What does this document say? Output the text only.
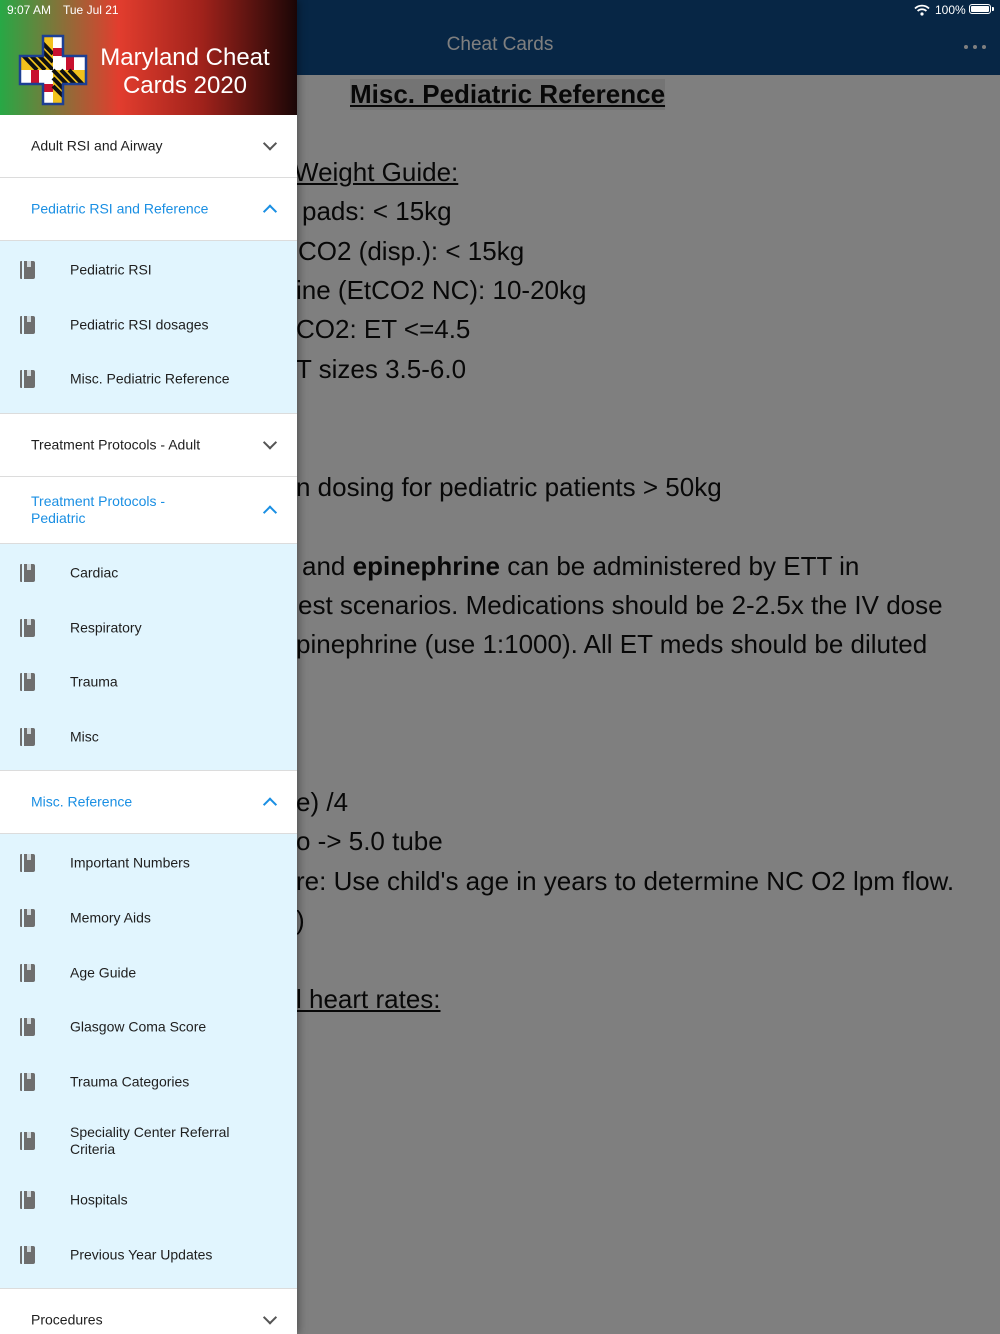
9:07 AM Tue Jul 21	100%
Maryland Cheat
Cards 2020
Adult RSI and Airway
Pediatric RSI and Reference
Pediatric RSI
Pediatric RSI dosages
Misc. Pediatric Reference
Treatment Protocols - Adult
Treatment Protocols - Pediatric
Cardiac
Respiratory
Trauma
Misc
Misc. Reference
Important Numbers
Memory Aids
Age Guide
Glasgow Coma Score
Trauma Categories
Speciality Center Referral Criteria
Hospitals
Previous Year Updates
Procedures
